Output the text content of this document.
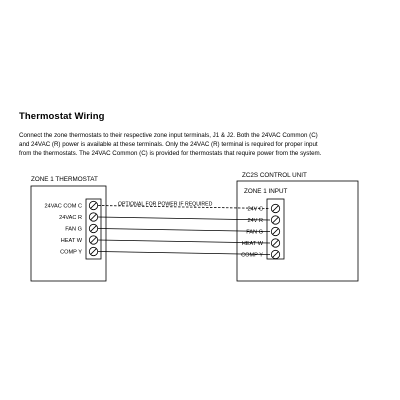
Thermostat Wiring
Connect the zone thermostats to their respective zone input terminals, J1 & J2. Both the 24VAC Common (C)
and 24VAC (R) power is available at these terminals. Only the 24VAC (R) terminal is required for proper input
from the thermostats. The 24VAC Common (C) is provided for thermostats that require power from the system.
ZONE 1 THERMOSTAT
24VAC COM C
24VAC R
FAN G
HEAT W
COMP Y
ZC2S CONTROL UNIT
ZONE 1 INPUT
24V C
24V R
FAN G
HEAT W
COMP Y
OPTIONAL FOR POWER IF REQUIRED
